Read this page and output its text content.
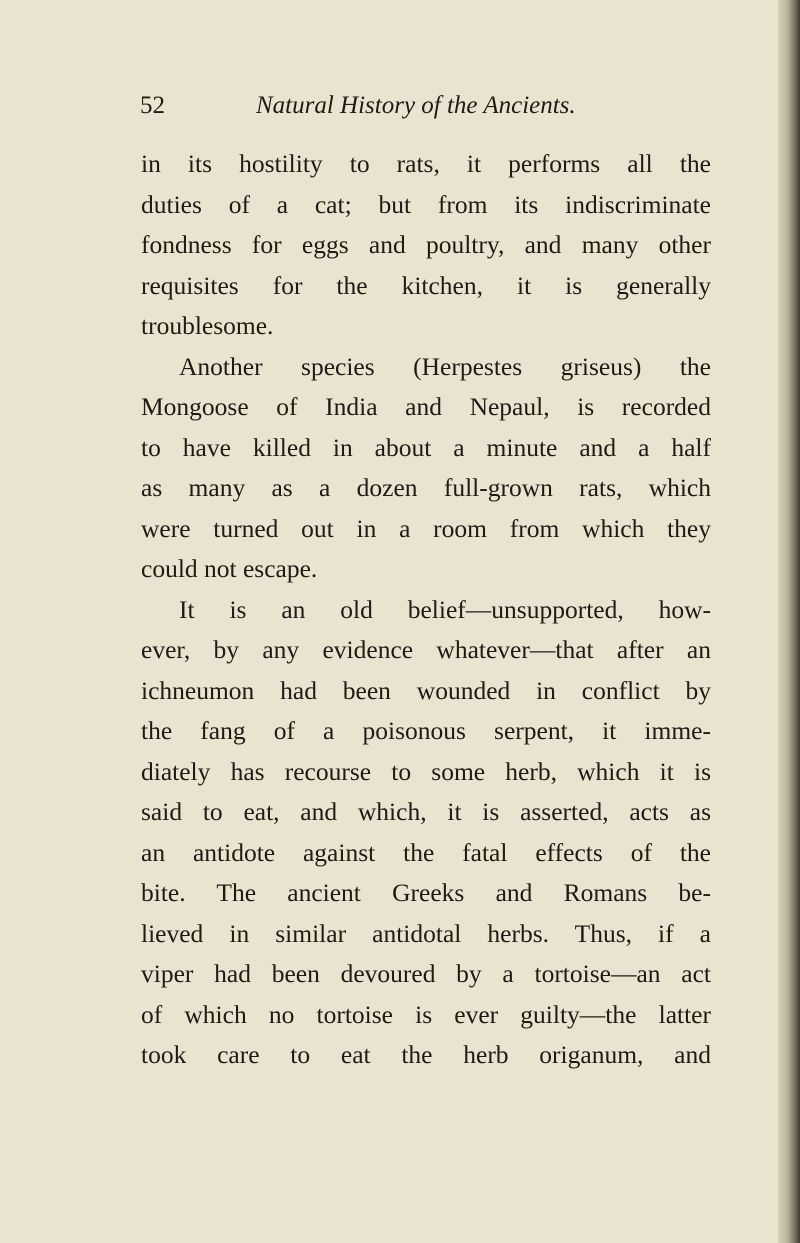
52	Natural History of the Ancients.
in its hostility to rats, it performs all the
duties of a cat; but from its indiscriminate
fondness for eggs and poultry, and many other
requisites for the kitchen, it is generally
troublesome.
Another species (Herpestes griseus) the
Mongoose of India and Nepaul, is recorded
to have killed in about a minute and a half
as many as a dozen full-grown rats, which
were turned out in a room from which they
could not escape.
It is an old belief—unsupported, how-
ever, by any evidence whatever—that after an
ichneumon had been wounded in conflict by
the fang of a poisonous serpent, it imme-
diately has recourse to some herb, which it is
said to eat, and which, it is asserted, acts as
an antidote against the fatal effects of the
bite. The ancient Greeks and Romans be-
lieved in similar antidotal herbs. Thus, if a
viper had been devoured by a tortoise—an act
of which no tortoise is ever guilty—the latter
took care to eat the herb origanum, and
